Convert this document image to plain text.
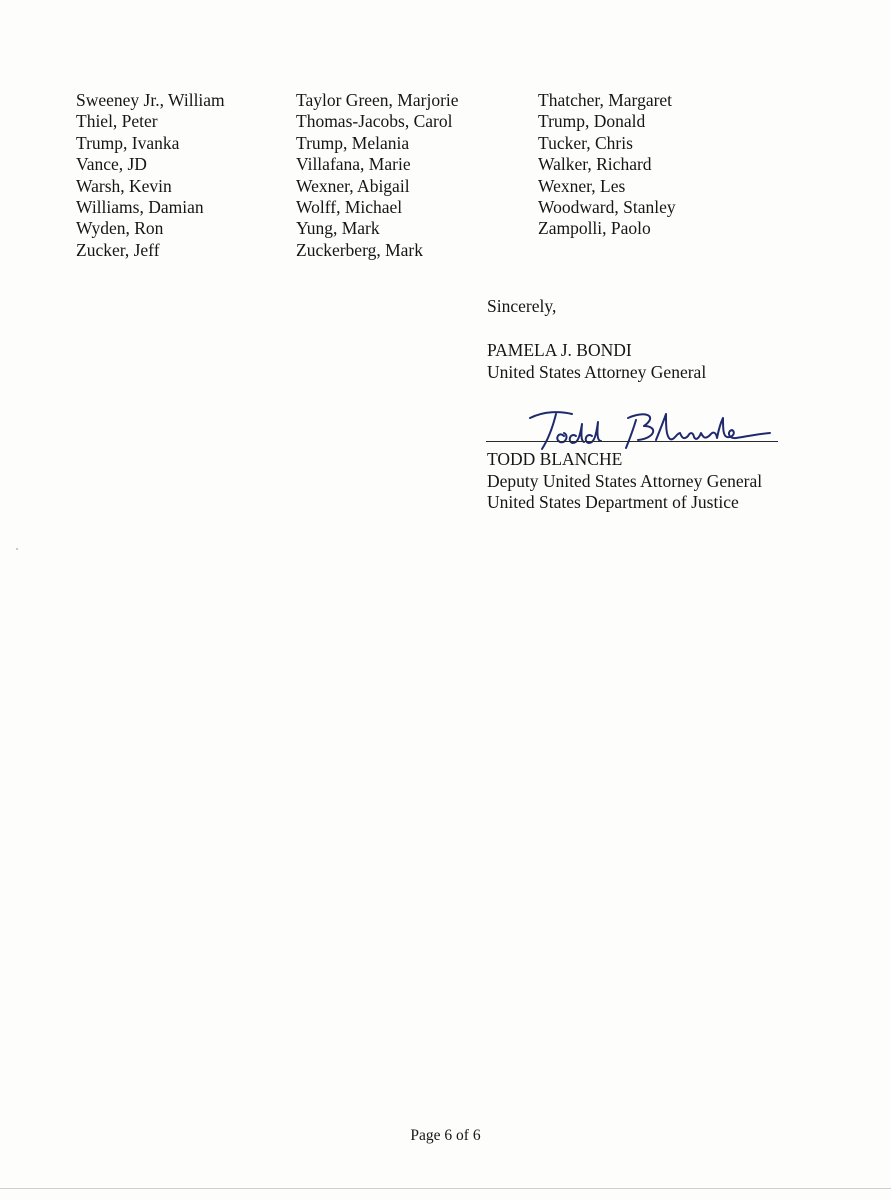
Sweeney Jr., William
Thiel, Peter
Trump, Ivanka
Vance, JD
Warsh, Kevin
Williams, Damian
Wyden, Ron
Zucker, Jeff
Taylor Green, Marjorie
Thomas-Jacobs, Carol
Trump, Melania
Villafana, Marie
Wexner, Abigail
Wolff, Michael
Yung, Mark
Zuckerberg, Mark
Thatcher, Margaret
Trump, Donald
Tucker, Chris
Walker, Richard
Wexner, Les
Woodward, Stanley
Zampolli, Paolo
Sincerely,
PAMELA J. BONDI
United States Attorney General
TODD BLANCHE
Deputy United States Attorney General
United States Department of Justice
Page 6 of 6
